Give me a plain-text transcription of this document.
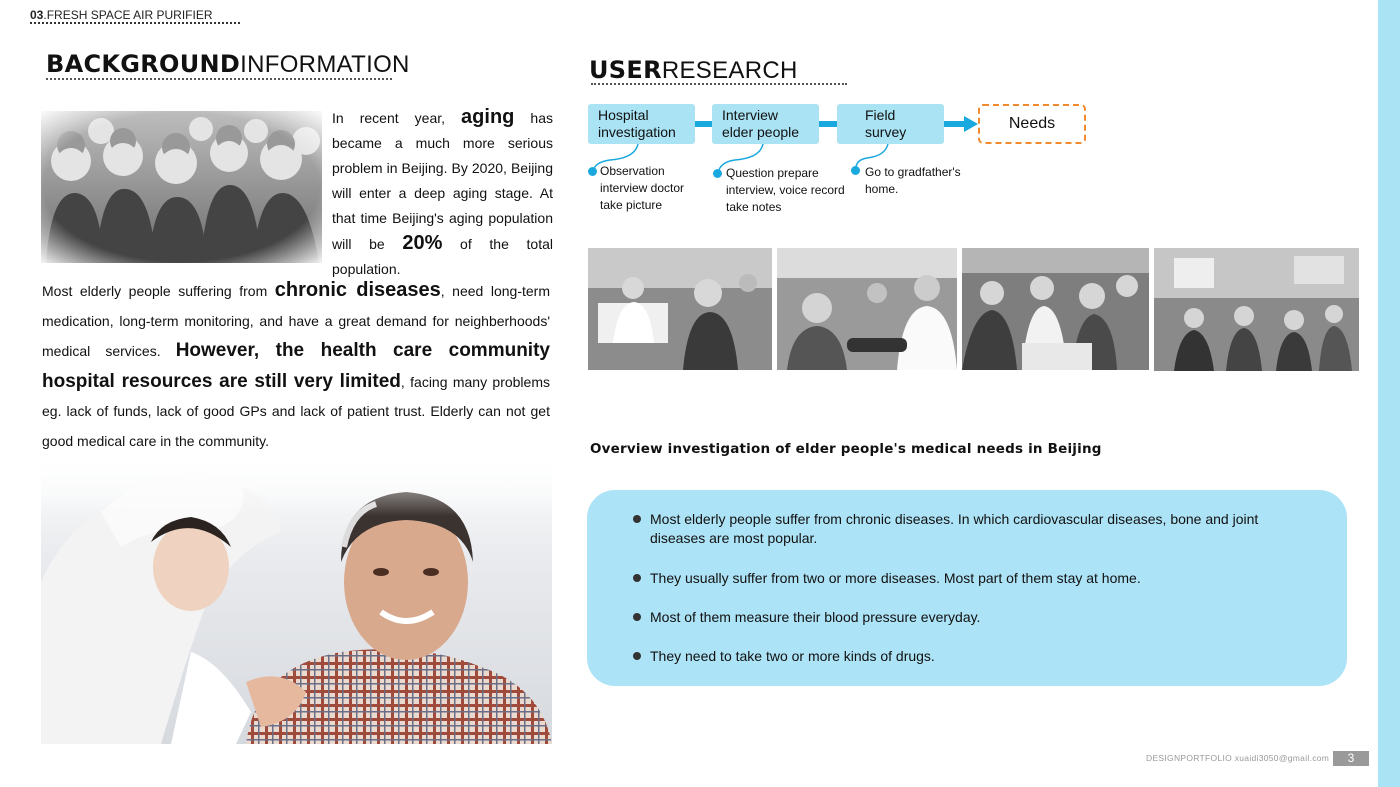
03.FRESH SPACE AIR PURIFIER
BACKGROUNDINFORMATION
In recent year, aging has became a much more serious problem in Beijing. By 2020, Beijing will enter a deep aging stage. At that time Beijing's aging population will be 20% of the total population.
Most elderly people suffering from chronic diseases, need long-term medication, long-term monitoring, and have a great demand for neighberhoods' medical services. However, the health care community hospital resources are still very limited, facing many problems eg. lack of funds, lack of good GPs and lack of patient trust. Elderly can not get good medical care in the community.
USERRESEARCH
Hospital investigation
Interview elder people
Field survey	Needs
Observation interview doctor take picture
Question prepare interview, voice record take notes
Go to gradfather's home.
Overview investigation of elder people's medical needs in Beijing
Most elderly people suffer from chronic diseases. In which cardiovascular diseases, bone and joint diseases are most popular.
They usually suffer from two or more diseases. Most part of them stay at home.
Most of them measure their blood pressure everyday.
They need to take two or more kinds of drugs.
DESIGNPORTFOLIO xuaidi3050@gmail.com	3
